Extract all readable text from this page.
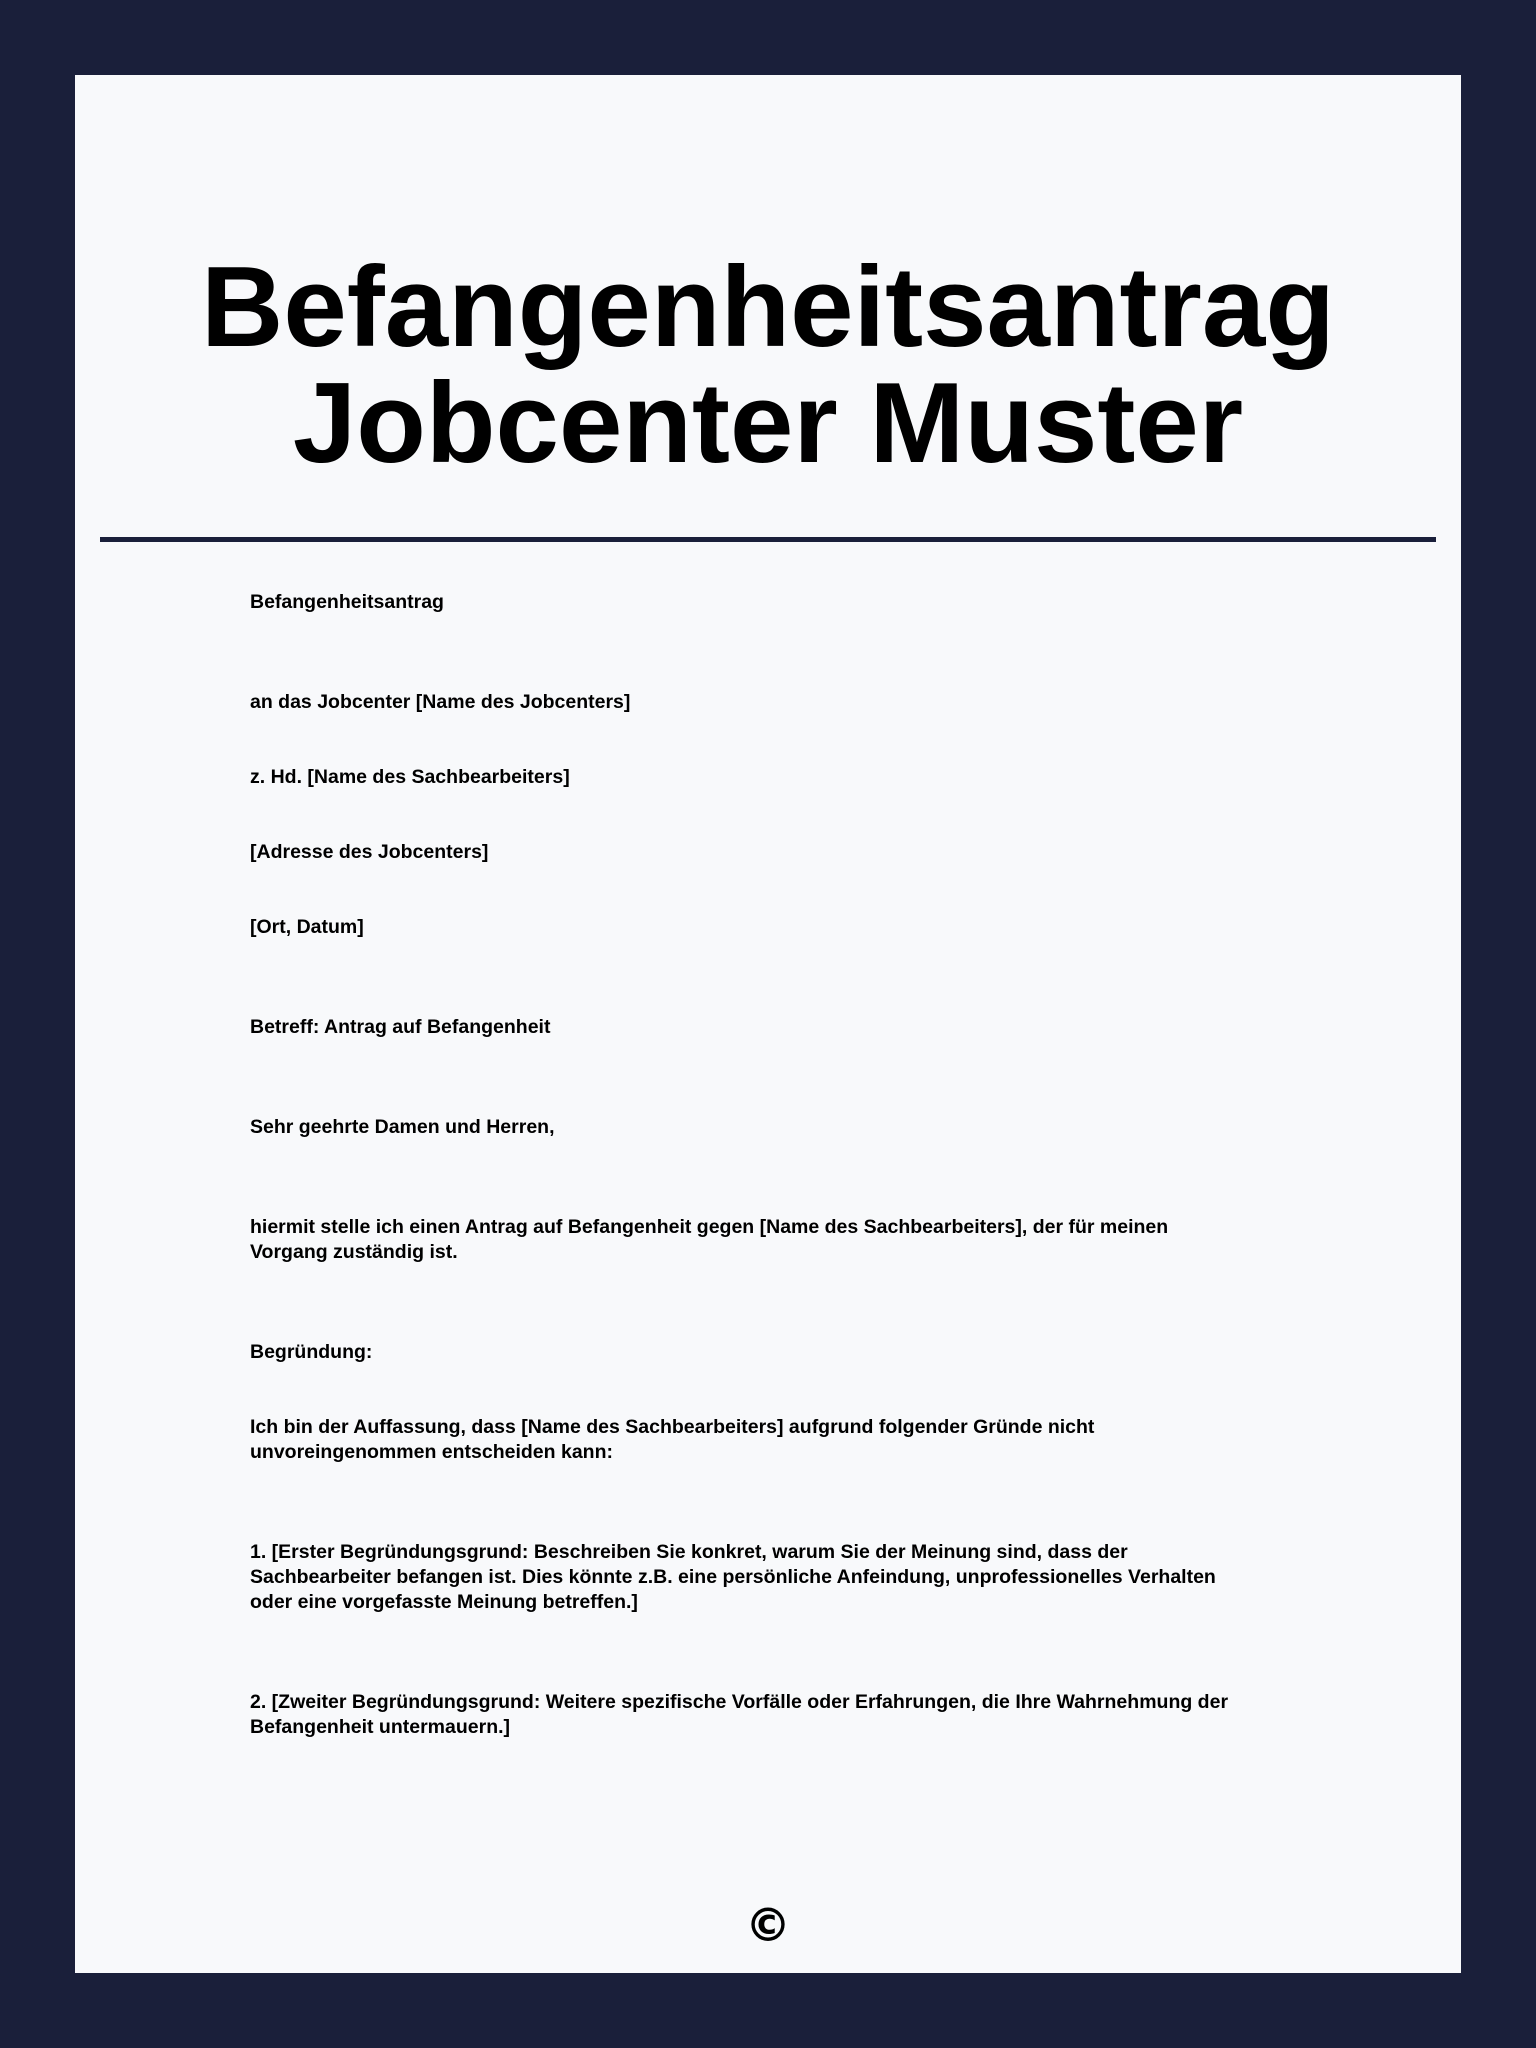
Befangenheitsantrag
Jobcenter Muster
Befangenheitsantrag
an das Jobcenter [Name des Jobcenters]
z. Hd. [Name des Sachbearbeiters]
[Adresse des Jobcenters]
[Ort, Datum]
Betreff: Antrag auf Befangenheit
Sehr geehrte Damen und Herren,
hiermit stelle ich einen Antrag auf Befangenheit gegen [Name des Sachbearbeiters], der für meinen
Vorgang zuständig ist.
Begründung:
Ich bin der Auffassung, dass [Name des Sachbearbeiters] aufgrund folgender Gründe nicht
unvoreingenommen entscheiden kann:
1. [Erster Begründungsgrund: Beschreiben Sie konkret, warum Sie der Meinung sind, dass der
Sachbearbeiter befangen ist. Dies könnte z.B. eine persönliche Anfeindung, unprofessionelles Verhalten
oder eine vorgefasste Meinung betreffen.]
2. [Zweiter Begründungsgrund: Weitere spezifische Vorfälle oder Erfahrungen, die Ihre Wahrnehmung der
Befangenheit untermauern.]
©
